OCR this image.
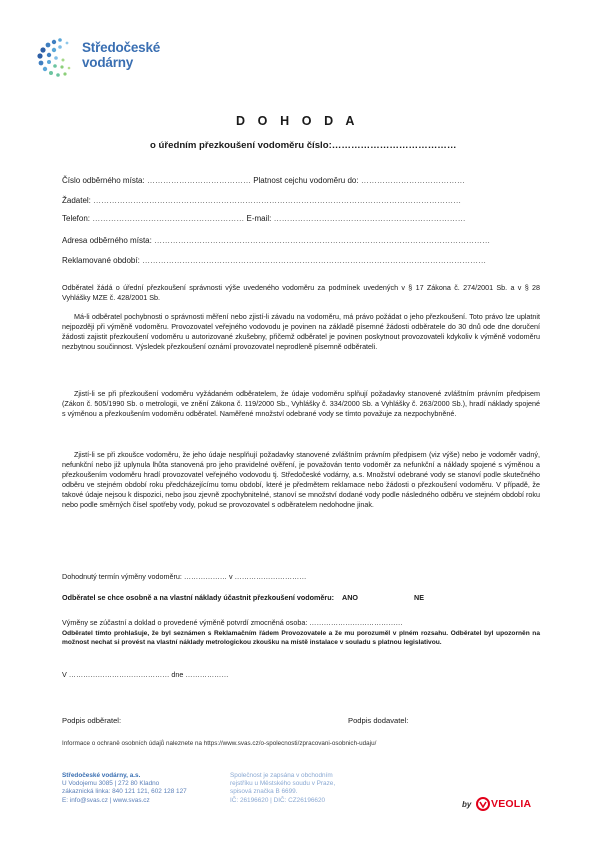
Středočeské
vodárny
D O H O D A
o úředním přezkoušení vodoměru číslo:…………………………………
Číslo odběrného místa: ………………………………… Platnost cejchu vodoměru do: …………………………………
Žadatel: …………………………………………………………………………………………………………………………
Telefon: ………………………………………………… E-mail: ………………………………………………………………
Adresa odběrného místa: ………………………………………………………………………………………………………………
Reklamované období: …………………………………………………………………………………………………………………

Odběratel žádá o úřední přezkoušení správnosti výše uvedeného vodoměru za podmínek uvedených v § 17 Zákona č. 274/2001 Sb. a v § 28 Vyhlášky MZE č. 428/2001 Sb.

Má-li odběratel pochybnosti o správnosti měření nebo zjistí-li závadu na vodoměru, má právo požádat o jeho přezkoušení. Toto právo lze uplatnit nejpozději při výměně vodoměru. Provozovatel veřejného vodovodu je povinen na základě písemné žádosti odběratele do 30 dnů ode dne doručení žádosti zajistit přezkoušení vodoměru u autorizované zkušebny, přičemž odběratel je povinen poskytnout provozovateli kdykoliv k výměně vodoměru nezbytnou součinnost. Výsledek přezkoušení oznámí provozovatel neprodleně písemně odběrateli.

Zjistí-li se při přezkoušení vodoměru vyžádaném odběratelem, že údaje vodoměru splňují požadavky stanovené zvláštním právním předpisem (Zákon č. 505/1990 Sb. o metrologii, ve znění Zákona č. 119/2000 Sb., Vyhlášky č. 334/2000 Sb. a Vyhlášky č. 263/2000 Sb.), hradí náklady spojené s výměnou a přezkoušením vodoměru odběratel. Naměřené množství odebrané vody se tímto považuje za nezpochybněné.

Zjistí-li se při zkoušce vodoměru, že jeho údaje nesplňují požadavky stanovené zvláštním právním předpisem (viz výše) nebo je vodoměr vadný, nefunkční nebo již uplynula lhůta stanovená pro jeho pravidelné ověření, je považován tento vodoměr za nefunkční a náklady spojené s výměnou a přezkoušením vodoměru hradí provozovatel veřejného vodovodu tj. Středočeské vodárny, a.s. Množství odebrané vody se stanoví podle skutečného odběru ve stejném období roku předcházejícímu tomu období, které je předmětem reklamace nebo žádosti o přezkoušení vodoměru. V případě, že takové údaje nejsou k dispozici, nebo jsou zjevně zpochybnitelné, stanoví se množství dodané vody podle následného odběru ve stejném období roku nebo podle směrných čísel spotřeby vody, pokud se provozovatel s odběratelem nedohodne jinak.

Dohodnutý termín výměny vodoměru: ……………… v …………………………
Odběratel se chce osobně a na vlastní náklady účastnit přezkoušení vodoměru: ANO	NE
Výměny se zúčastní a doklad o provedené výměně potvrdí zmocněná osoba: …………………………………

Odběratel tímto prohlašuje, že byl seznámen s Reklamačním řádem Provozovatele a že mu porozuměl v plném rozsahu. Odběratel byl upozorněn na možnost nechat si provést na vlastní náklady metrologickou zkoušku na místě instalace v souladu s platnou legislativou.

V …………………………………… dne ………………
Podpis odběratel:	Podpis dodavatel:
Informace o ochraně osobních údajů naleznete na https://www.svas.cz/o-spolecnosti/zpracovani-osobnich-udaju/
Středočeské vodárny, a.s.
U Vodojemu 3085 | 272 80 Kladno
zákaznická linka: 840 121 121, 602 128 127
E: info@svas.cz | www.svas.cz
Společnost je zapsána v obchodním
rejstříku u Městského soudu v Praze,
spisová značka B 6699.
IČ: 26196620 | DIČ: CZ26196620	by VEOLIA
